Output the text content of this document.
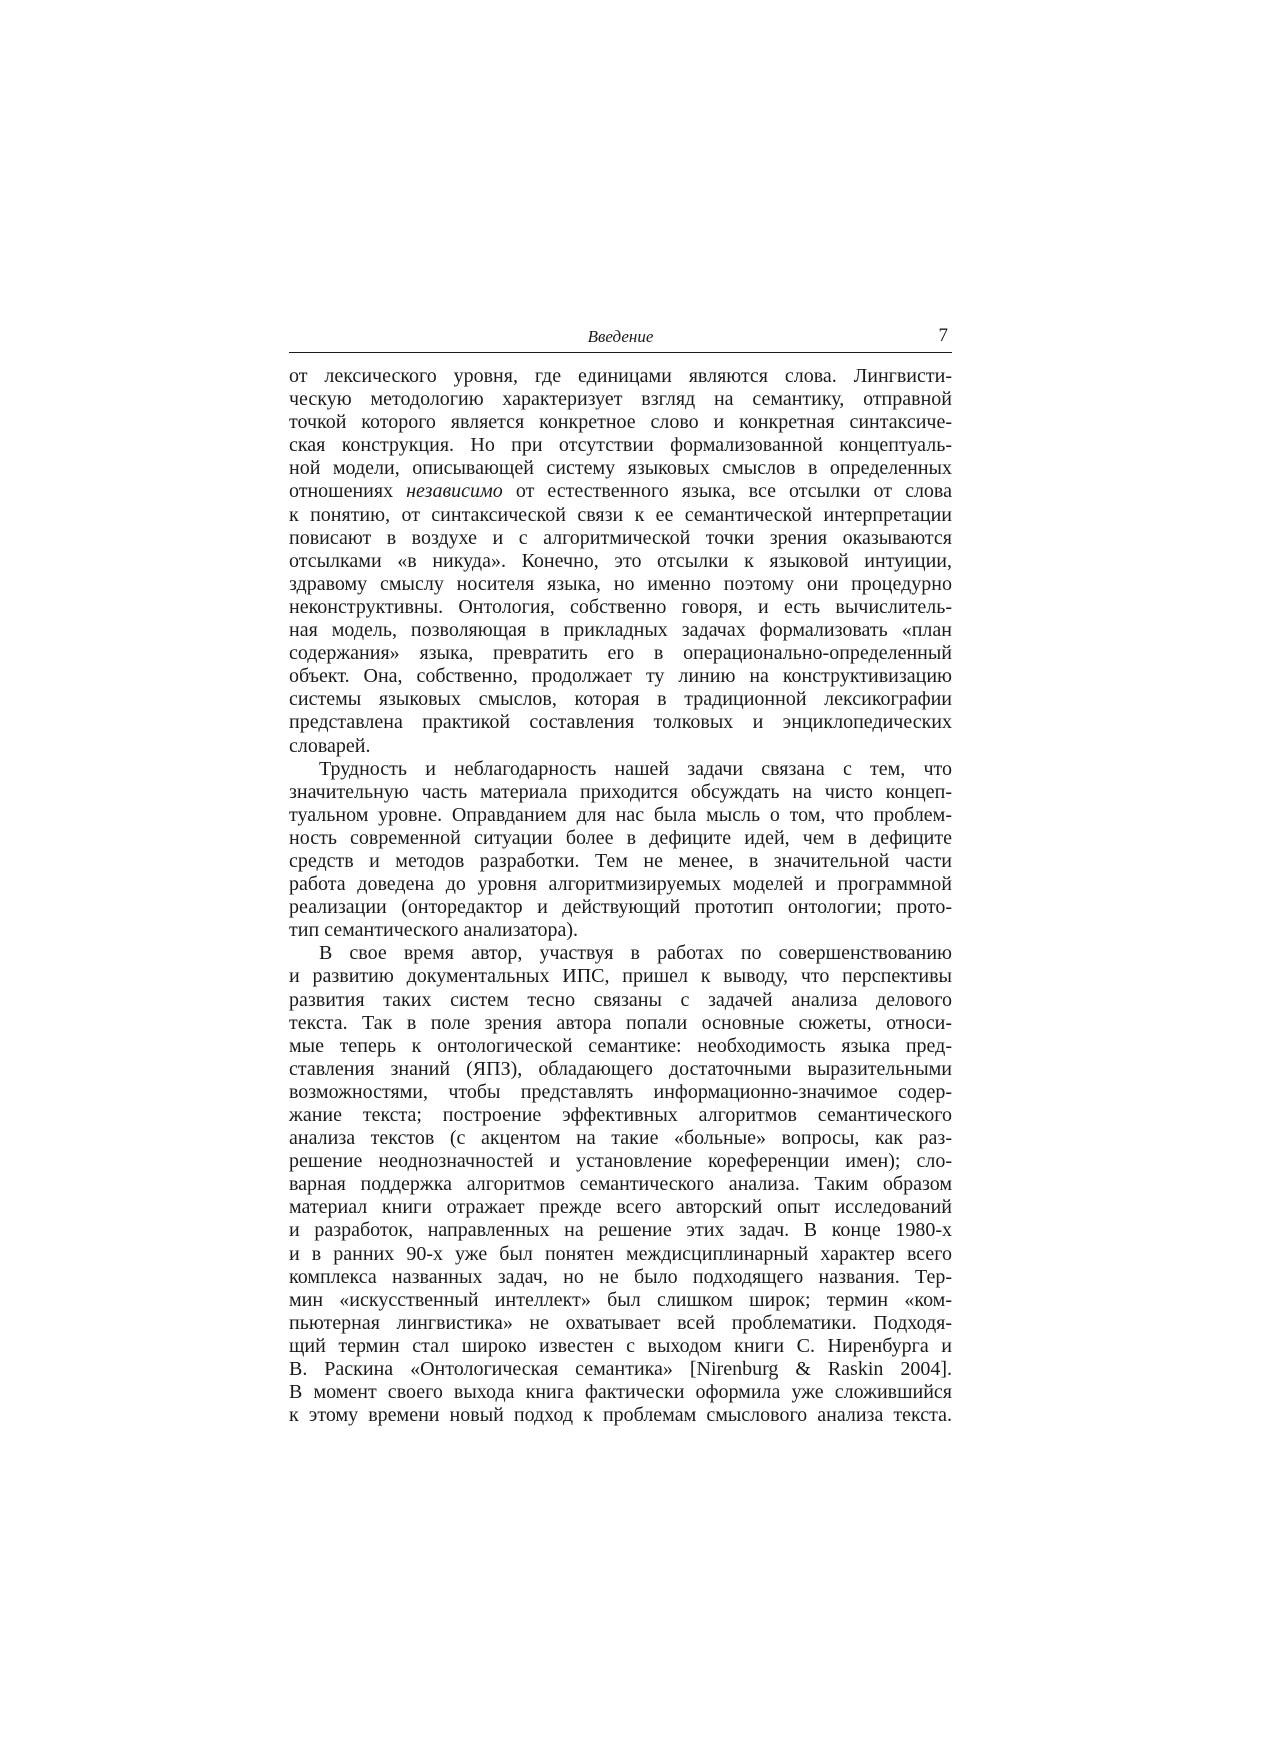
Введение	7
от лексического уровня, где единицами являются слова. Лингвисти-
ческую методологию характеризует взгляд на семантику, отправной
точкой которого является конкретное слово и конкретная синтаксиче-
ская конструкция. Но при отсутствии формализованной концептуаль-
ной модели, описывающей систему языковых смыслов в определенных
отношениях независимо от естественного языка, все отсылки от слова
к понятию, от синтаксической связи к ее семантической интерпретации
повисают в воздухе и с алгоритмической точки зрения оказываются
отсылками «в никуда». Конечно, это отсылки к языковой интуиции,
здравому смыслу носителя языка, но именно поэтому они процедурно
неконструктивны. Онтология, собственно говоря, и есть вычислитель-
ная модель, позволяющая в прикладных задачах формализовать «план
содержания» языка, превратить его в операционально-определенный
объект. Она, собственно, продолжает ту линию на конструктивизацию
системы языковых смыслов, которая в традиционной лексикографии
представлена практикой составления толковых и энциклопедических
словарей.
Трудность и неблагодарность нашей задачи связана с тем, что
значительную часть материала приходится обсуждать на чисто концеп-
туальном уровне. Оправданием для нас была мысль о том, что проблем-
ность современной ситуации более в дефиците идей, чем в дефиците
средств и методов разработки. Тем не менее, в значительной части
работа доведена до уровня алгоритмизируемых моделей и программной
реализации (онторедактор и действующий прототип онтологии; прото-
тип семантического анализатора).
В свое время автор, участвуя в работах по совершенствованию
и развитию документальных ИПС, пришел к выводу, что перспективы
развития таких систем тесно связаны с задачей анализа делового
текста. Так в поле зрения автора попали основные сюжеты, относи-
мые теперь к онтологической семантике: необходимость языка пред-
ставления знаний (ЯПЗ), обладающего достаточными выразительными
возможностями, чтобы представлять информационно-значимое содер-
жание текста; построение эффективных алгоритмов семантического
анализа текстов (с акцентом на такие «больные» вопросы, как раз-
решение неоднозначностей и установление кореференции имен); сло-
варная поддержка алгоритмов семантического анализа. Таким образом
материал книги отражает прежде всего авторский опыт исследований
и разработок, направленных на решение этих задач. В конце 1980-х
и в ранних 90-х уже был понятен междисциплинарный характер всего
комплекса названных задач, но не было подходящего названия. Тер-
мин «искусственный интеллект» был слишком широк; термин «ком-
пьютерная лингвистика» не охватывает всей проблематики. Подходя-
щий термин стал широко известен с выходом книги С. Ниренбурга и
В. Раскина «Онтологическая семантика» [Nirenburg & Raskin 2004].
В момент своего выхода книга фактически оформила уже сложившийся
к этому времени новый подход к проблемам смыслового анализа текста.
